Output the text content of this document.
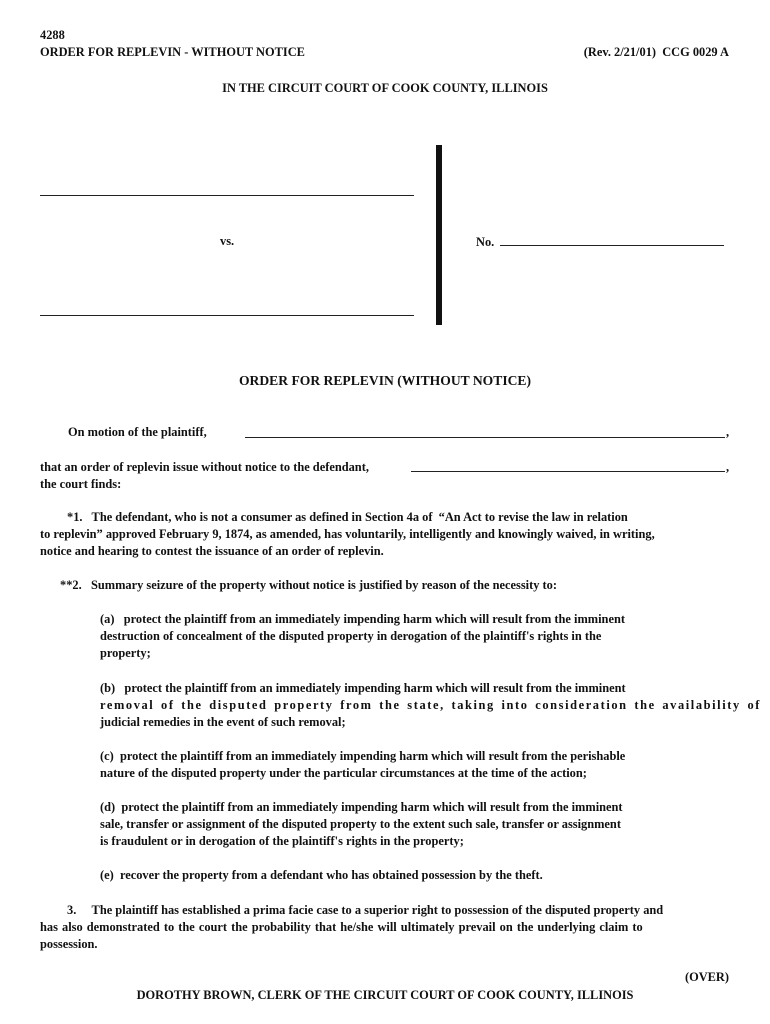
4288
ORDER FOR REPLEVIN - WITHOUT NOTICE	(Rev. 2/21/01)  CCG 0029 A
IN THE CIRCUIT COURT OF COOK COUNTY, ILLINOIS
vs.	No.
ORDER FOR REPLEVIN (WITHOUT NOTICE)
On motion of the plaintiff,	,
that an order of replevin issue without notice to the defendant,	,
the court finds:
*1.   The defendant, who is not a consumer as defined in Section 4a of  “An Act to revise the law in relation
to replevin” approved February 9, 1874, as amended, has voluntarily, intelligently and knowingly waived, in writing,
notice and hearing to contest the issuance of an order of replevin.
**2.   Summary seizure of the property without notice is justified by reason of the necessity to:
(a)   protect the plaintiff from an immediately impending harm which will result from the imminent
destruction of concealment of the disputed property in derogation of the plaintiff's rights in the
property;
(b)   protect the plaintiff from an immediately impending harm which will result from the imminent
removal of the disputed property from the state, taking into consideration the availability of
judicial remedies in the event of such removal;
(c)  protect the plaintiff from an immediately impending harm which will result from the perishable
nature of the disputed property under the particular circumstances at the time of the action;
(d)  protect the plaintiff from an immediately impending harm which will result from the imminent
sale, transfer or assignment of the disputed property to the extent such sale, transfer or assignment
is fraudulent or in derogation of the plaintiff's rights in the property;
(e)  recover the property from a defendant who has obtained possession by the theft.
3.     The plaintiff has established a prima facie case to a superior right to possession of the disputed property and
has also demonstrated to the court the probability that he/she will ultimately prevail on the underlying claim to
possession.
(OVER)
DOROTHY BROWN, CLERK OF THE CIRCUIT COURT OF COOK COUNTY, ILLINOIS
